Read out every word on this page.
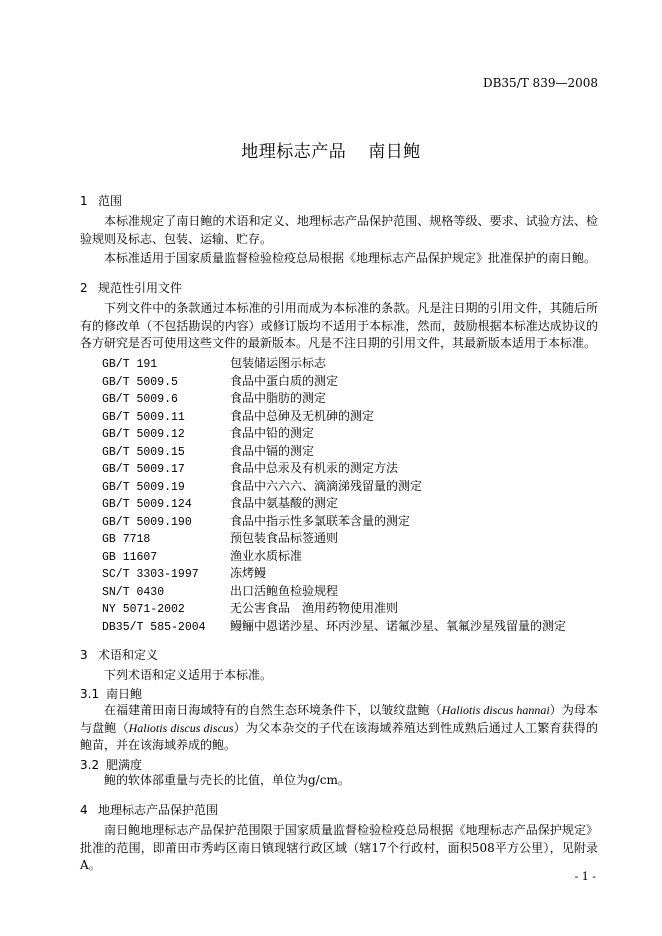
DB35/T 839—2008
地理标志产品 南日鲍
1 范围
本标准规定了南日鲍的术语和定义、地理标志产品保护范围、规格等级、要求、试验方法、检验规则及标志、包装、运输、贮存。
本标准适用于国家质量监督检验检疫总局根据《地理标志产品保护规定》批准保护的南日鲍。
2 规范性引用文件
下列文件中的条款通过本标准的引用而成为本标准的条款。凡是注日期的引用文件，其随后所有的修改单（不包括勘误的内容）或修订版均不适用于本标准，然而，鼓励根据本标准达成协议的各方研究是否可使用这些文件的最新版本。凡是不注日期的引用文件，其最新版本适用于本标准。
GB/T 191	包装储运图示标志
GB/T 5009.5	食品中蛋白质的测定
GB/T 5009.6	食品中脂肪的测定
GB/T 5009.11	食品中总砷及无机砷的测定
GB/T 5009.12	食品中铅的测定
GB/T 5009.15	食品中镉的测定
GB/T 5009.17	食品中总汞及有机汞的测定方法
GB/T 5009.19	食品中六六六、滴滴涕残留量的测定
GB/T 5009.124	食品中氨基酸的测定
GB/T 5009.190	食品中指示性多氯联苯含量的测定
GB 7718	预包装食品标签通则
GB 11607	渔业水质标准
SC/T 3303-1997	冻烤鳗
SN/T 0430	出口活鲍鱼检验规程
NY 5071-2002	无公害食品　渔用药物使用准则
DB35/T 585-2004 鳗鲡中恩诺沙星、环丙沙星、诺氟沙星、氧氟沙星残留量的测定
3 术语和定义
下列术语和定义适用于本标准。
3.1 南日鲍
在福建莆田南日海域特有的自然生态环境条件下，以皱纹盘鲍（Haliotis discus hannai）为母本与盘鲍（Haliotis discus discus）为父本杂交的子代在该海域养殖达到性成熟后通过人工繁育获得的鲍苗，并在该海域养成的鲍。
3.2 肥满度
鲍的软体部重量与壳长的比值，单位为g/cm。
4 地理标志产品保护范围
南日鲍地理标志产品保护范围限于国家质量监督检验检疫总局根据《地理标志产品保护规定》批准的范围，即莆田市秀屿区南日镇现辖行政区域（辖17个行政村，面积508平方公里），见附录A。
- 1 -
